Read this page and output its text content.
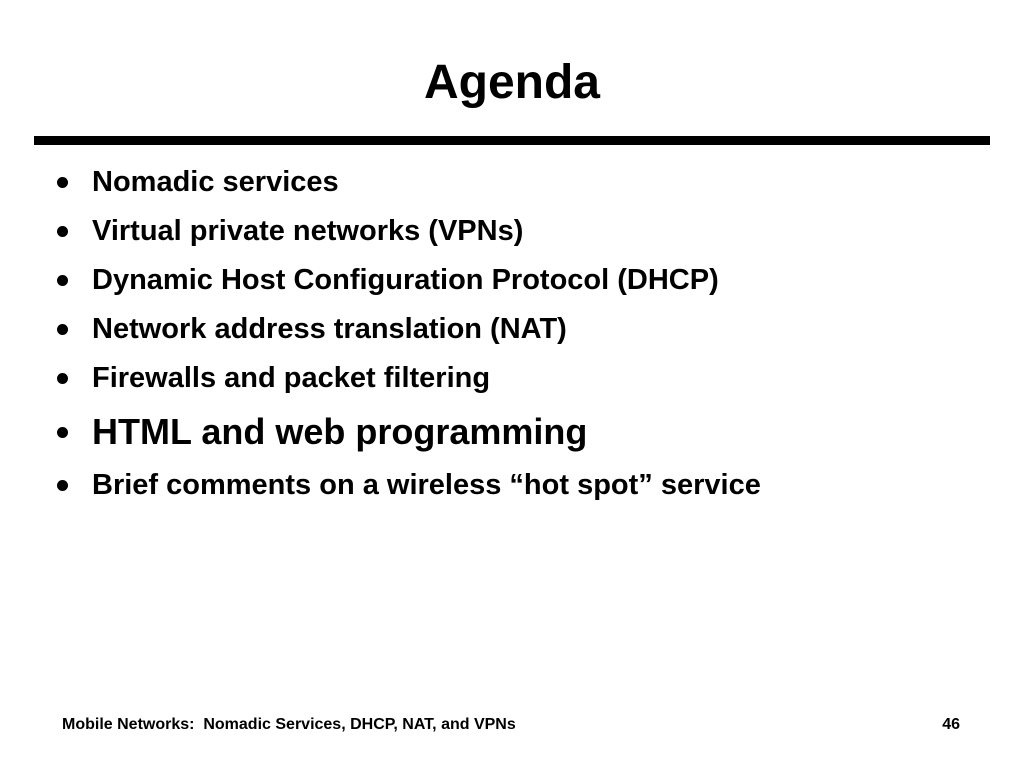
Agenda
Nomadic services
Virtual private networks (VPNs)
Dynamic Host Configuration Protocol (DHCP)
Network address translation (NAT)
Firewalls and packet filtering
HTML and web programming
Brief comments on a wireless “hot spot” service
Mobile Networks:  Nomadic Services, DHCP, NAT, and VPNs	46
